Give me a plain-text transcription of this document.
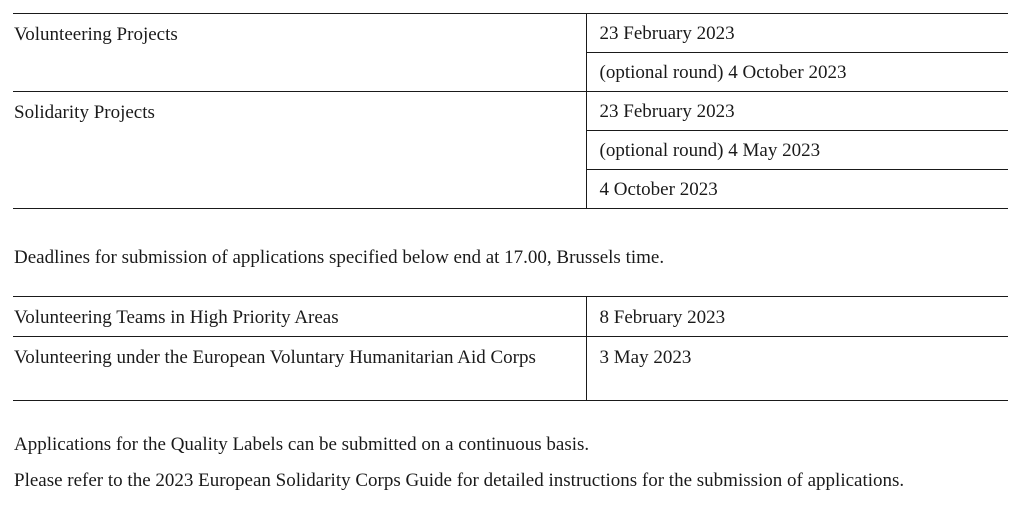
Volunteering Projects	23 February 2023
	(optional round) 4 October 2023
Solidarity Projects	23 February 2023
	(optional round) 4 May 2023
	4 October 2023

Deadlines for submission of applications specified below end at 17.00, Brussels time.

Volunteering Teams in High Priority Areas	8 February 2023
Volunteering under the European Voluntary Humanitarian Aid Corps	3 May 2023

Applications for the Quality Labels can be submitted on a continuous basis.

Please refer to the 2023 European Solidarity Corps Guide for detailed instructions for the submission of applications.
